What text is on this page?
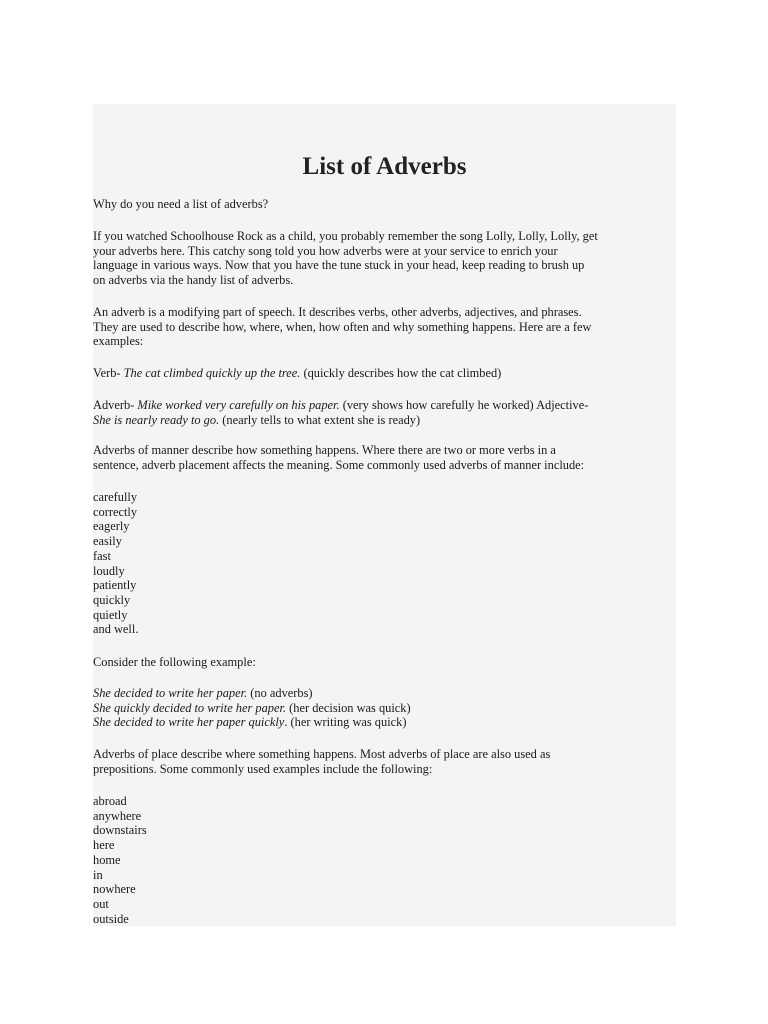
List of Adverbs

Why do you need a list of adverbs?

If you watched Schoolhouse Rock as a child, you probably remember the song Lolly, Lolly, Lolly, get
your adverbs here. This catchy song told you how adverbs were at your service to enrich your
language in various ways. Now that you have the tune stuck in your head, keep reading to brush up
on adverbs via the handy list of adverbs.

An adverb is a modifying part of speech. It describes verbs, other adverbs, adjectives, and phrases.
They are used to describe how, where, when, how often and why something happens. Here are a few
examples:

Verb- The cat climbed quickly up the tree. (quickly describes how the cat climbed)

Adverb- Mike worked very carefully on his paper. (very shows how carefully he worked) Adjective-
She is nearly ready to go. (nearly tells to what extent she is ready)

Adverbs of manner describe how something happens. Where there are two or more verbs in a
sentence, adverb placement affects the meaning. Some commonly used adverbs of manner include:

carefully
correctly
eagerly
easily
fast
loudly
patiently
quickly
quietly
and well.

Consider the following example:

She decided to write her paper. (no adverbs)
She quickly decided to write her paper. (her decision was quick)
She decided to write her paper quickly. (her writing was quick)

Adverbs of place describe where something happens. Most adverbs of place are also used as
prepositions. Some commonly used examples include the following:

abroad
anywhere
downstairs
here
home
in
nowhere
out
outside
